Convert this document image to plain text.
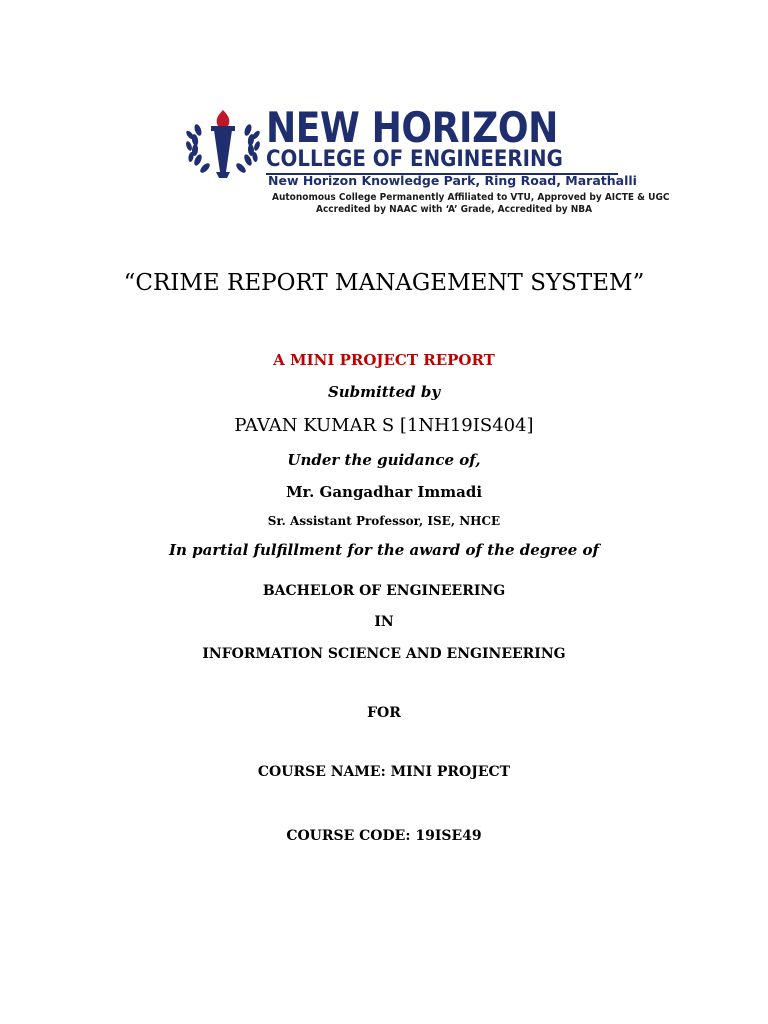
NEW HORIZON
COLLEGE OF ENGINEERING
New Horizon Knowledge Park, Ring Road, Marathalli
Autonomous College Permanently Affiliated to VTU, Approved by AICTE & UGC
Accredited by NAAC with ‘A’ Grade, Accredited by NBA
“CRIME REPORT MANAGEMENT SYSTEM”
A MINI PROJECT REPORT
Submitted by
PAVAN KUMAR S [1NH19IS404]
Under the guidance of,
Mr. Gangadhar Immadi
Sr. Assistant Professor, ISE, NHCE
In partial fulfillment for the award of the degree of
BACHELOR OF ENGINEERING
IN
INFORMATION SCIENCE AND ENGINEERING
FOR
COURSE NAME: MINI PROJECT
COURSE CODE: 19ISE49
